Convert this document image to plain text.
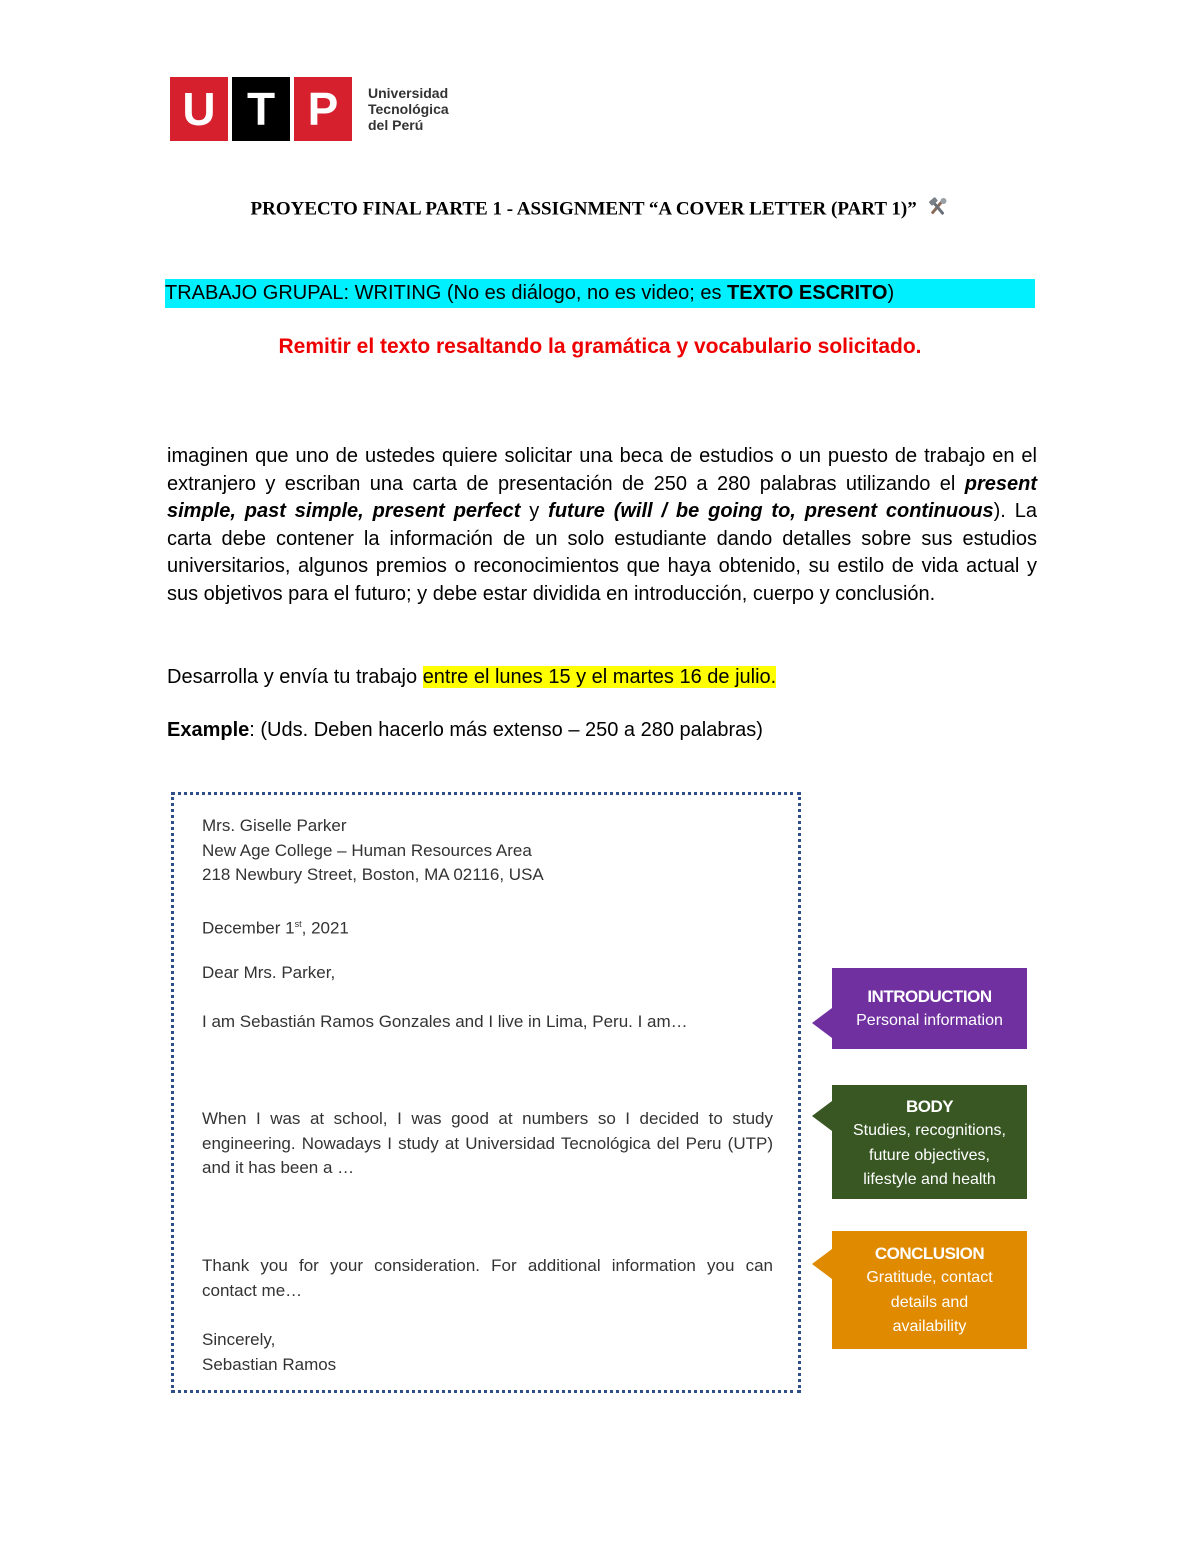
U T P	Universidad
Tecnológica
del Perú
PROYECTO FINAL PARTE 1 - ASSIGNMENT “A COVER LETTER (PART 1)”
TRABAJO GRUPAL: WRITING (No es diálogo, no es video; es TEXTO ESCRITO)
Remitir el texto resaltando la gramática y vocabulario solicitado.
imaginen que uno de ustedes quiere solicitar una beca de estudios o un puesto de trabajo en el extranjero y escriban una carta de presentación de 250 a 280 palabras utilizando el present simple, past simple, present perfect y future (will / be going to, present continuous). La carta debe contener la información de un solo estudiante dando detalles sobre sus estudios universitarios, algunos premios o reconocimientos que haya obtenido, su estilo de vida actual y sus objetivos para el futuro; y debe estar dividida en introducción, cuerpo y conclusión.
Desarrolla y envía tu trabajo entre el lunes 15 y el martes 16 de julio.
Example: (Uds. Deben hacerlo más extenso – 250 a 280 palabras)
Mrs. Giselle Parker
New Age College – Human Resources Area
218 Newbury Street, Boston, MA 02116, USA
December 1st, 2021
Dear Mrs. Parker,
I am Sebastián Ramos Gonzales and I live in Lima, Peru. I am…
When I was at school, I was good at numbers so I decided to study engineering. Nowadays I study at Universidad Tecnológica del Peru (UTP) and it has been a …
Thank you for your consideration. For additional information you can contact me…
Sincerely,
Sebastian Ramos
INTRODUCTION
Personal information
BODY
Studies, recognitions,
future objectives,
lifestyle and health
CONCLUSION
Gratitude, contact
details and
availability
